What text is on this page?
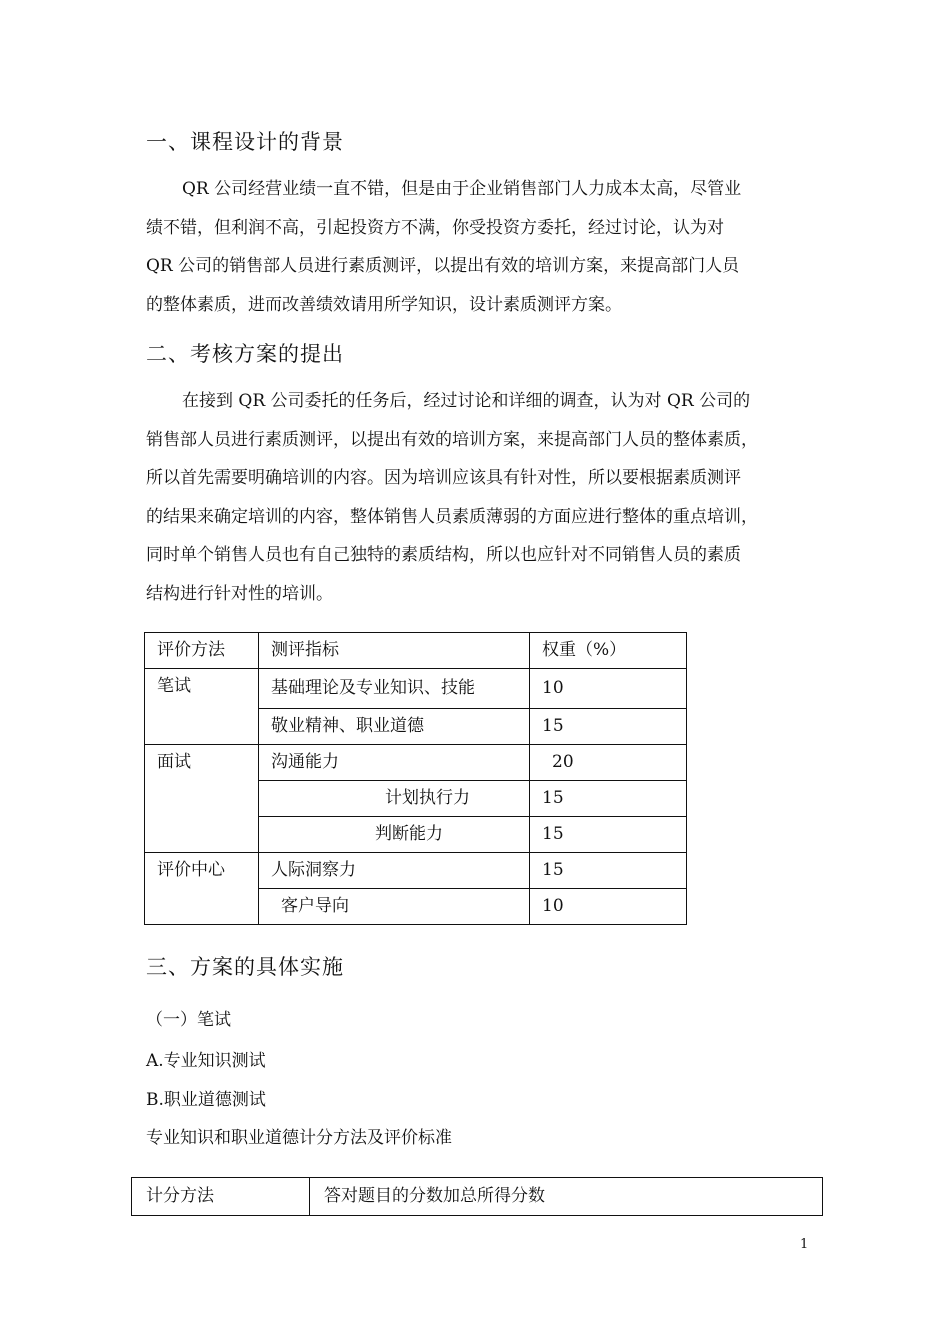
一、课程设计的背景

QR 公司经营业绩一直不错，但是由于企业销售部门人力成本太高，尽管业
绩不错，但利润不高，引起投资方不满，你受投资方委托，经过讨论，认为对
QR 公司的销售部人员进行素质测评，以提出有效的培训方案，来提高部门人员
的整体素质，进而改善绩效请用所学知识，设计素质测评方案。

二、考核方案的提出

在接到 QR 公司委托的任务后，经过讨论和详细的调查，认为对 QR 公司的
销售部人员进行素质测评，以提出有效的培训方案，来提高部门人员的整体素质，
所以首先需要明确培训的内容。因为培训应该具有针对性，所以要根据素质测评
的结果来确定培训的内容，整体销售人员素质薄弱的方面应进行整体的重点培训，
同时单个销售人员也有自己独特的素质结构，所以也应针对不同销售人员的素质
结构进行针对性的培训。

评价方法	测评指标	权重（%）
笔试	基础理论及专业知识、技能	10
	敬业精神、职业道德	15
面试	沟通能力	20
	计划执行力	15
	判断能力	15
评价中心	人际洞察力	15
	客户导向	10
三、方案的具体实施

（一）笔试

A.专业知识测试

B.职业道德测试

专业知识和职业道德计分方法及评价标准

计分方法	答对题目的分数加总所得分数
1
